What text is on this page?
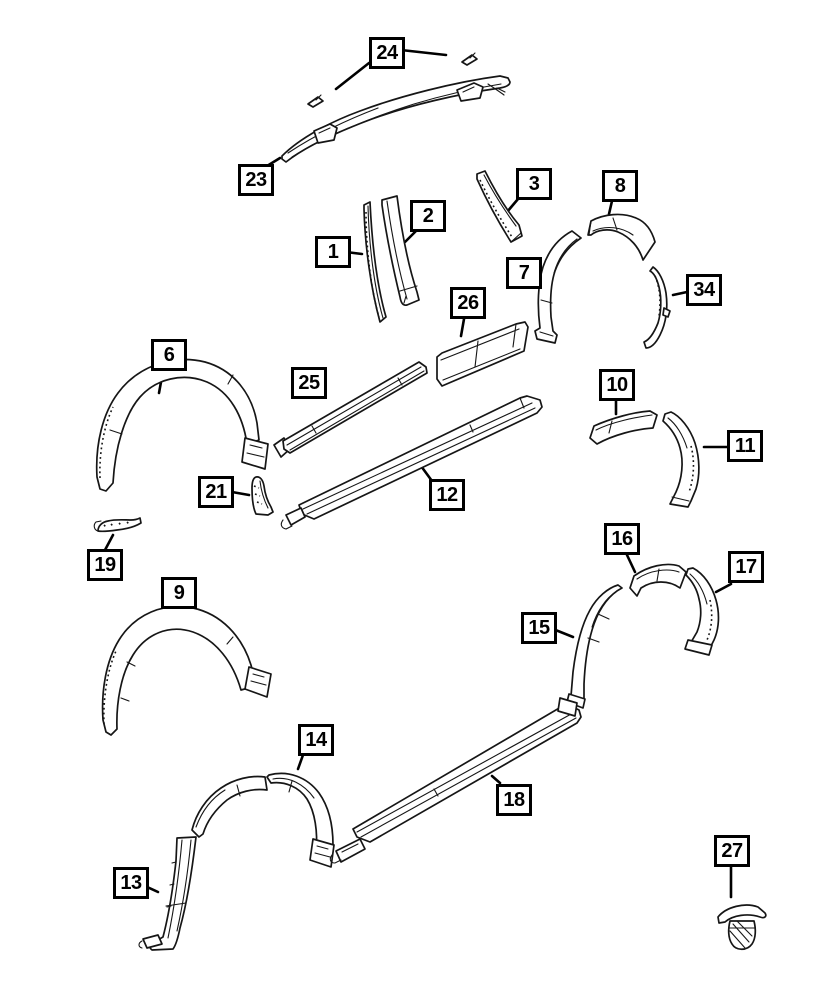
24
23
1
2
3	8
7
34
26
6
25	10
11
12
21
19
16
17
9
15
14
13
18
27
